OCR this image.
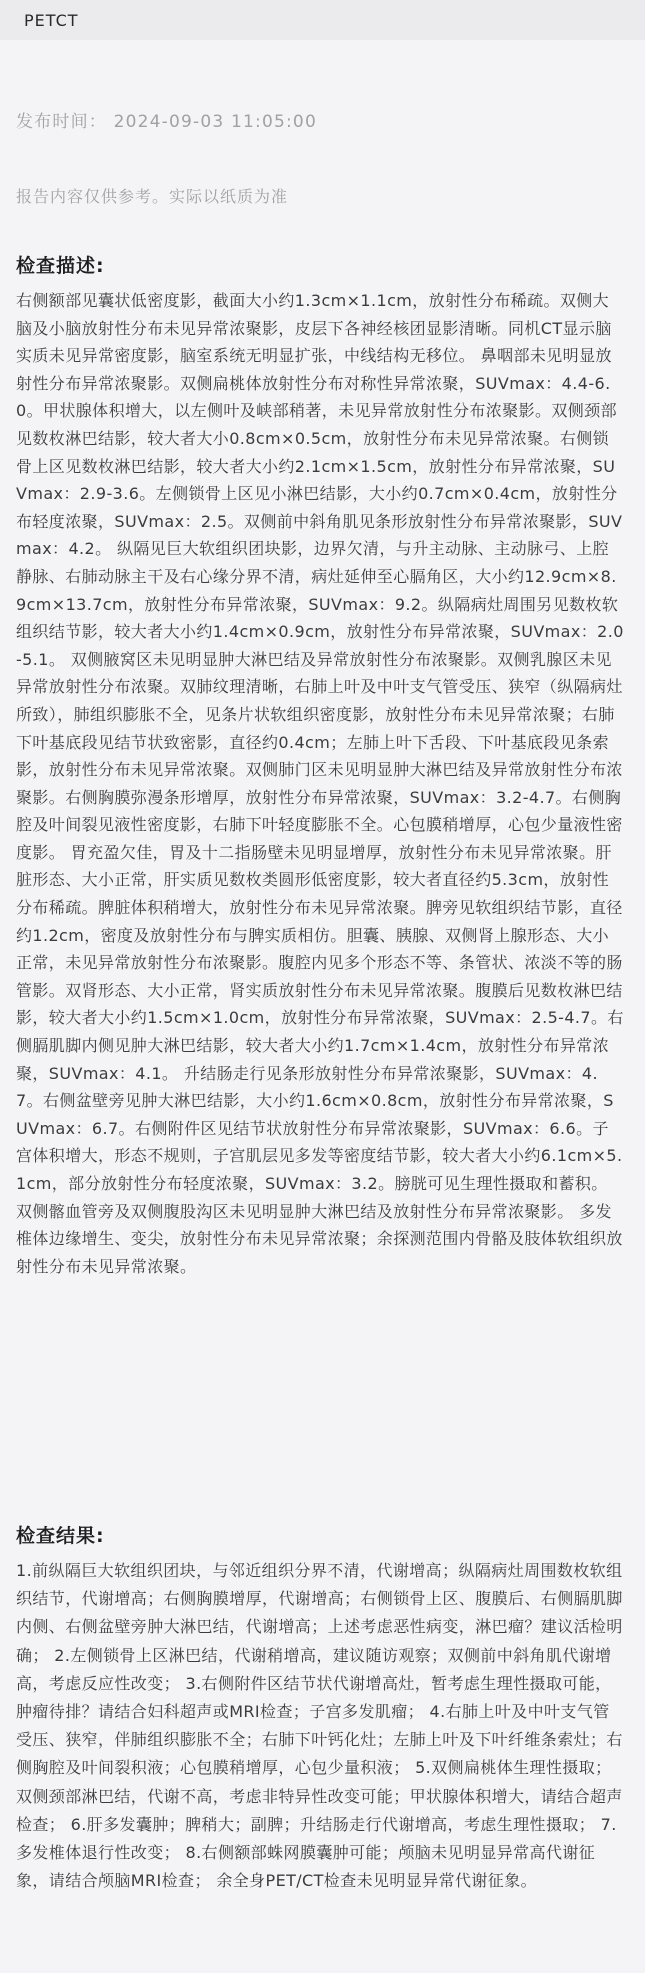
PETCT
发布时间： 2024-09-03 11:05:00
报告内容仅供参考。实际以纸质为准
检查描述:
右侧额部见囊状低密度影，截面大小约1.3cm×1.1cm，放射性分布稀疏。双侧大脑及小脑放射性分布未见异常浓聚影，皮层下各神经核团显影清晰。同机CT显示脑实质未见异常密度影，脑室系统无明显扩张，中线结构无移位。 鼻咽部未见明显放射性分布异常浓聚影。双侧扁桃体放射性分布对称性异常浓聚，SUVmax：4.4-6.0。甲状腺体积增大，以左侧叶及峡部稍著，未见异常放射性分布浓聚影。双侧颈部见数枚淋巴结影，较大者大小0.8cm×0.5cm，放射性分布未见异常浓聚。右侧锁骨上区见数枚淋巴结影，较大者大小约2.1cm×1.5cm，放射性分布异常浓聚，SUVmax：2.9-3.6。左侧锁骨上区见小淋巴结影，大小约0.7cm×0.4cm，放射性分布轻度浓聚，SUVmax：2.5。双侧前中斜角肌见条形放射性分布异常浓聚影，SUVmax：4.2。 纵隔见巨大软组织团块影，边界欠清，与升主动脉、主动脉弓、上腔静脉、右肺动脉主干及右心缘分界不清，病灶延伸至心膈角区，大小约12.9cm×8.9cm×13.7cm，放射性分布异常浓聚，SUVmax：9.2。纵隔病灶周围另见数枚软组织结节影，较大者大小约1.4cm×0.9cm，放射性分布异常浓聚，SUVmax：2.0-5.1。 双侧腋窝区未见明显肿大淋巴结及异常放射性分布浓聚影。双侧乳腺区未见异常放射性分布浓聚。双肺纹理清晰，右肺上叶及中叶支气管受压、狭窄（纵隔病灶所致），肺组织膨胀不全，见条片状软组织密度影，放射性分布未见异常浓聚；右肺下叶基底段见结节状致密影，直径约0.4cm；左肺上叶下舌段、下叶基底段见条索影，放射性分布未见异常浓聚。双侧肺门区未见明显肿大淋巴结及异常放射性分布浓聚影。右侧胸膜弥漫条形增厚，放射性分布异常浓聚，SUVmax：3.2-4.7。右侧胸腔及叶间裂见液性密度影，右肺下叶轻度膨胀不全。心包膜稍增厚，心包少量液性密度影。 胃充盈欠佳，胃及十二指肠壁未见明显增厚，放射性分布未见异常浓聚。肝脏形态、大小正常，肝实质见数枚类圆形低密度影，较大者直径约5.3cm，放射性分布稀疏。脾脏体积稍增大，放射性分布未见异常浓聚。脾旁见软组织结节影，直径约1.2cm，密度及放射性分布与脾实质相仿。胆囊、胰腺、双侧肾上腺形态、大小正常，未见异常放射性分布浓聚影。腹腔内见多个形态不等、条管状、浓淡不等的肠管影。双肾形态、大小正常，肾实质放射性分布未见异常浓聚。腹膜后见数枚淋巴结影，较大者大小约1.5cm×1.0cm，放射性分布异常浓聚，SUVmax：2.5-4.7。右侧膈肌脚内侧见肿大淋巴结影，较大者大小约1.7cm×1.4cm，放射性分布异常浓聚，SUVmax：4.1。 升结肠走行见条形放射性分布异常浓聚影，SUVmax：4.7。右侧盆壁旁见肿大淋巴结影，大小约1.6cm×0.8cm，放射性分布异常浓聚，SUVmax：6.7。右侧附件区见结节状放射性分布异常浓聚影，SUVmax：6.6。子宫体积增大，形态不规则，子宫肌层见多发等密度结节影，较大者大小约6.1cm×5.1cm，部分放射性分布轻度浓聚，SUVmax：3.2。膀胱可见生理性摄取和蓄积。双侧髂血管旁及双侧腹股沟区未见明显肿大淋巴结及放射性分布异常浓聚影。 多发椎体边缘增生、变尖，放射性分布未见异常浓聚；余探测范围内骨骼及肢体软组织放射性分布未见异常浓聚。
检查结果:
1.前纵隔巨大软组织团块，与邻近组织分界不清，代谢增高；纵隔病灶周围数枚软组织结节，代谢增高；右侧胸膜增厚，代谢增高；右侧锁骨上区、腹膜后、右侧膈肌脚内侧、右侧盆壁旁肿大淋巴结，代谢增高；上述考虑恶性病变，淋巴瘤？建议活检明确； 2.左侧锁骨上区淋巴结，代谢稍增高，建议随访观察；双侧前中斜角肌代谢增高，考虑反应性改变； 3.右侧附件区结节状代谢增高灶，暂考虑生理性摄取可能，肿瘤待排？请结合妇科超声或MRI检查；子宫多发肌瘤； 4.右肺上叶及中叶支气管受压、狭窄，伴肺组织膨胀不全；右肺下叶钙化灶；左肺上叶及下叶纤维条索灶；右侧胸腔及叶间裂积液；心包膜稍增厚，心包少量积液； 5.双侧扁桃体生理性摄取；双侧颈部淋巴结，代谢不高，考虑非特异性改变可能；甲状腺体积增大，请结合超声检查； 6.肝多发囊肿；脾稍大；副脾；升结肠走行代谢增高，考虑生理性摄取； 7.多发椎体退行性改变； 8.右侧额部蛛网膜囊肿可能；颅脑未见明显异常高代谢征象，请结合颅脑MRI检查； 余全身PET/CT检查未见明显异常代谢征象。
